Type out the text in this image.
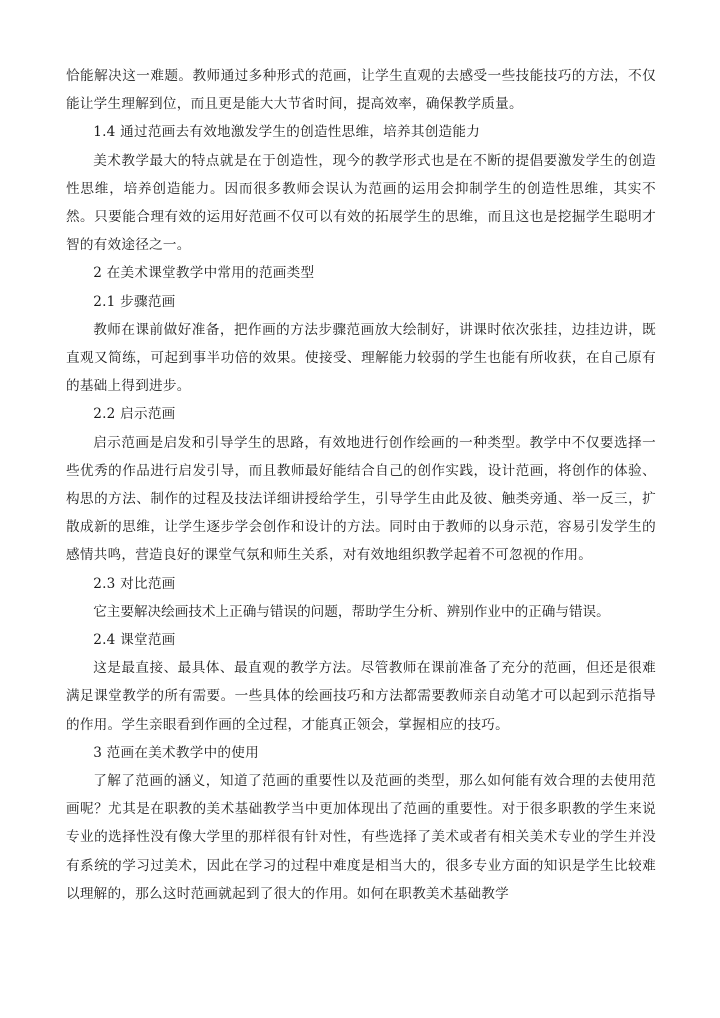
恰能解决这一难题。教师通过多种形式的范画，让学生直观的去感受一些技能技巧的方法，不仅能让学生理解到位，而且更是能大大节省时间，提高效率，确保教学质量。

1.4 通过范画去有效地激发学生的创造性思维，培养其创造能力

美术教学最大的特点就是在于创造性，现今的教学形式也是在不断的提倡要激发学生的创造性思维，培养创造能力。因而很多教师会误认为范画的运用会抑制学生的创造性思维，其实不然。只要能合理有效的运用好范画不仅可以有效的拓展学生的思维，而且这也是挖掘学生聪明才智的有效途径之一。

2 在美术课堂教学中常用的范画类型

2.1 步骤范画

教师在课前做好准备，把作画的方法步骤范画放大绘制好，讲课时依次张挂，边挂边讲，既直观又简练，可起到事半功倍的效果。使接受、理解能力较弱的学生也能有所收获，在自己原有的基础上得到进步。

2.2 启示范画

启示范画是启发和引导学生的思路，有效地进行创作绘画的一种类型。教学中不仅要选择一些优秀的作品进行启发引导，而且教师最好能结合自己的创作实践，设计范画，将创作的体验、构思的方法、制作的过程及技法详细讲授给学生，引导学生由此及彼、触类旁通、举一反三，扩散成新的思维，让学生逐步学会创作和设计的方法。同时由于教师的以身示范，容易引发学生的感情共鸣，营造良好的课堂气氛和师生关系，对有效地组织教学起着不可忽视的作用。

2.3 对比范画

它主要解决绘画技术上正确与错误的问题，帮助学生分析、辨别作业中的正确与错误。

2.4 课堂范画

这是最直接、最具体、最直观的教学方法。尽管教师在课前准备了充分的范画，但还是很难满足课堂教学的所有需要。一些具体的绘画技巧和方法都需要教师亲自动笔才可以起到示范指导的作用。学生亲眼看到作画的全过程，才能真正领会，掌握相应的技巧。

3 范画在美术教学中的使用

了解了范画的涵义，知道了范画的重要性以及范画的类型，那么如何能有效合理的去使用范画呢？尤其是在职教的美术基础教学当中更加体现出了范画的重要性。对于很多职教的学生来说专业的选择性没有像大学里的那样很有针对性，有些选择了美术或者有相关美术专业的学生并没有系统的学习过美术，因此在学习的过程中难度是相当大的，很多专业方面的知识是学生比较难以理解的，那么这时范画就起到了很大的作用。如何在职教美术基础教学
